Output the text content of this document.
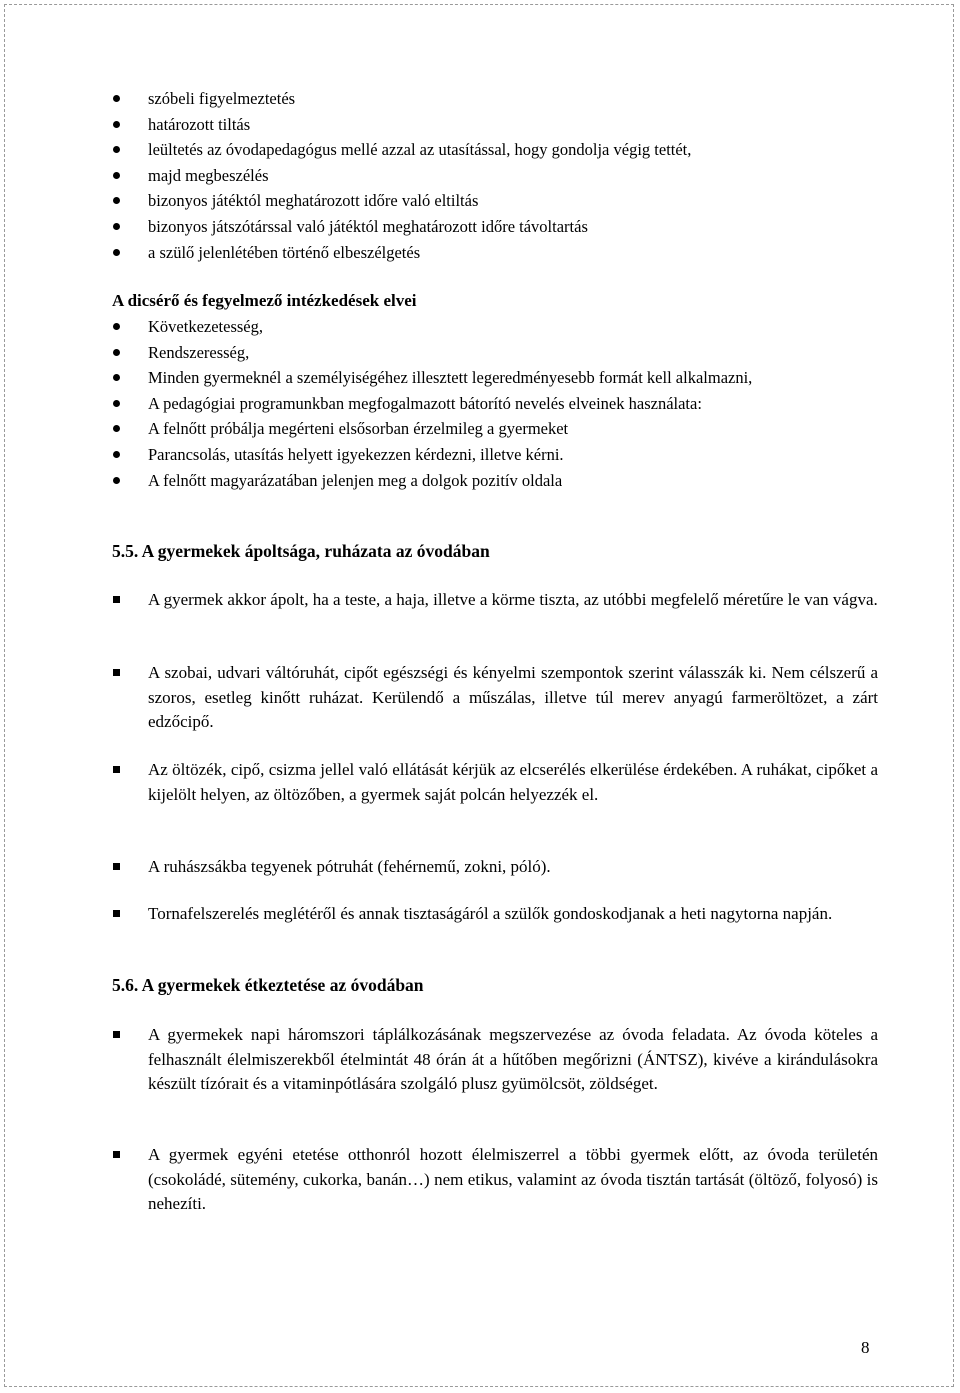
szóbeli figyelmeztetés
határozott tiltás
leültetés az óvodapedagógus mellé azzal az utasítással, hogy gondolja végig tettét,
majd megbeszélés
bizonyos játéktól meghatározott időre való eltiltás
bizonyos játszótárssal való játéktól meghatározott időre távoltartás
a szülő jelenlétében történő elbeszélgetés
A dicsérő és fegyelmező intézkedések elvei
Következetesség,
Rendszeresség,
Minden gyermeknél a személyiségéhez illesztett legeredményesebb formát kell alkalmazni,
A pedagógiai programunkban megfogalmazott bátorító nevelés elveinek használata:
A felnőtt próbálja megérteni elsősorban érzelmileg a gyermeket
Parancsolás, utasítás helyett igyekezzen kérdezni, illetve kérni.
A felnőtt magyarázatában jelenjen meg a dolgok pozitív oldala
5.5. A gyermekek ápoltsága, ruházata az óvodában
A gyermek akkor ápolt, ha a teste, a haja, illetve a körme tiszta, az utóbbi megfelelő méretűre le van vágva.
A szobai, udvari váltóruhát, cipőt egészségi és kényelmi szempontok szerint válasszák ki. Nem célszerű a szoros, esetleg kinőtt ruházat. Kerülendő a műszálas, illetve túl merev anyagú farmeröltözet, a zárt edzőcipő.
Az öltözék, cipő, csizma jellel való ellátását kérjük az elcserélés elkerülése érdekében. A ruhákat, cipőket a kijelölt helyen, az öltözőben, a gyermek saját polcán helyezzék el.
A ruhászsákba tegyenek pótruhát (fehérnemű, zokni, póló).
Tornafelszerelés meglétéről és annak tisztaságáról a szülők gondoskodjanak a heti nagytorna napján.
5.6. A gyermekek étkeztetése az óvodában
A gyermekek napi háromszori táplálkozásának megszervezése az óvoda feladata. Az óvoda köteles a felhasznált élelmiszerekből ételmintát 48 órán át a hűtőben megőrizni (ÁNTSZ), kivéve a kirándulásokra készült tízórait és a vitaminpótlására szolgáló plusz gyümölcsöt, zöldséget.
A gyermek egyéni etetése otthonról hozott élelmiszerrel a többi gyermek előtt, az óvoda területén (csokoládé, sütemény, cukorka, banán…) nem etikus, valamint az óvoda tisztán tartását (öltöző, folyosó) is nehezíti.
8
